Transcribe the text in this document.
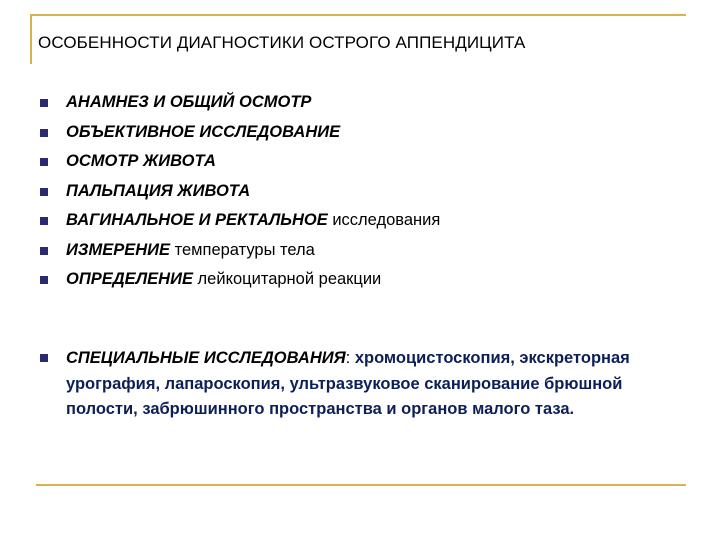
ОСОБЕННОСТИ ДИАГНОСТИКИ ОСТРОГО АППЕНДИЦИТА
АНАМНЕЗ И ОБЩИЙ ОСМОТР
ОБЪЕКТИВНОЕ ИССЛЕДОВАНИЕ
ОСМОТР ЖИВОТА
ПАЛЬПАЦИЯ ЖИВОТА
ВАГИНАЛЬНОЕ И РЕКТАЛЬНОЕ исследования
ИЗМЕРЕНИЕ температуры тела
ОПРЕДЕЛЕНИЕ лейкоцитарной реакции
СПЕЦИАЛЬНЫЕ ИССЛЕДОВАНИЯ: хромоцистоскопия, экскреторная урография, лапароскопия, ультразвуковое сканирование брюшной полости, забрюшинного пространства и органов малого таза.
